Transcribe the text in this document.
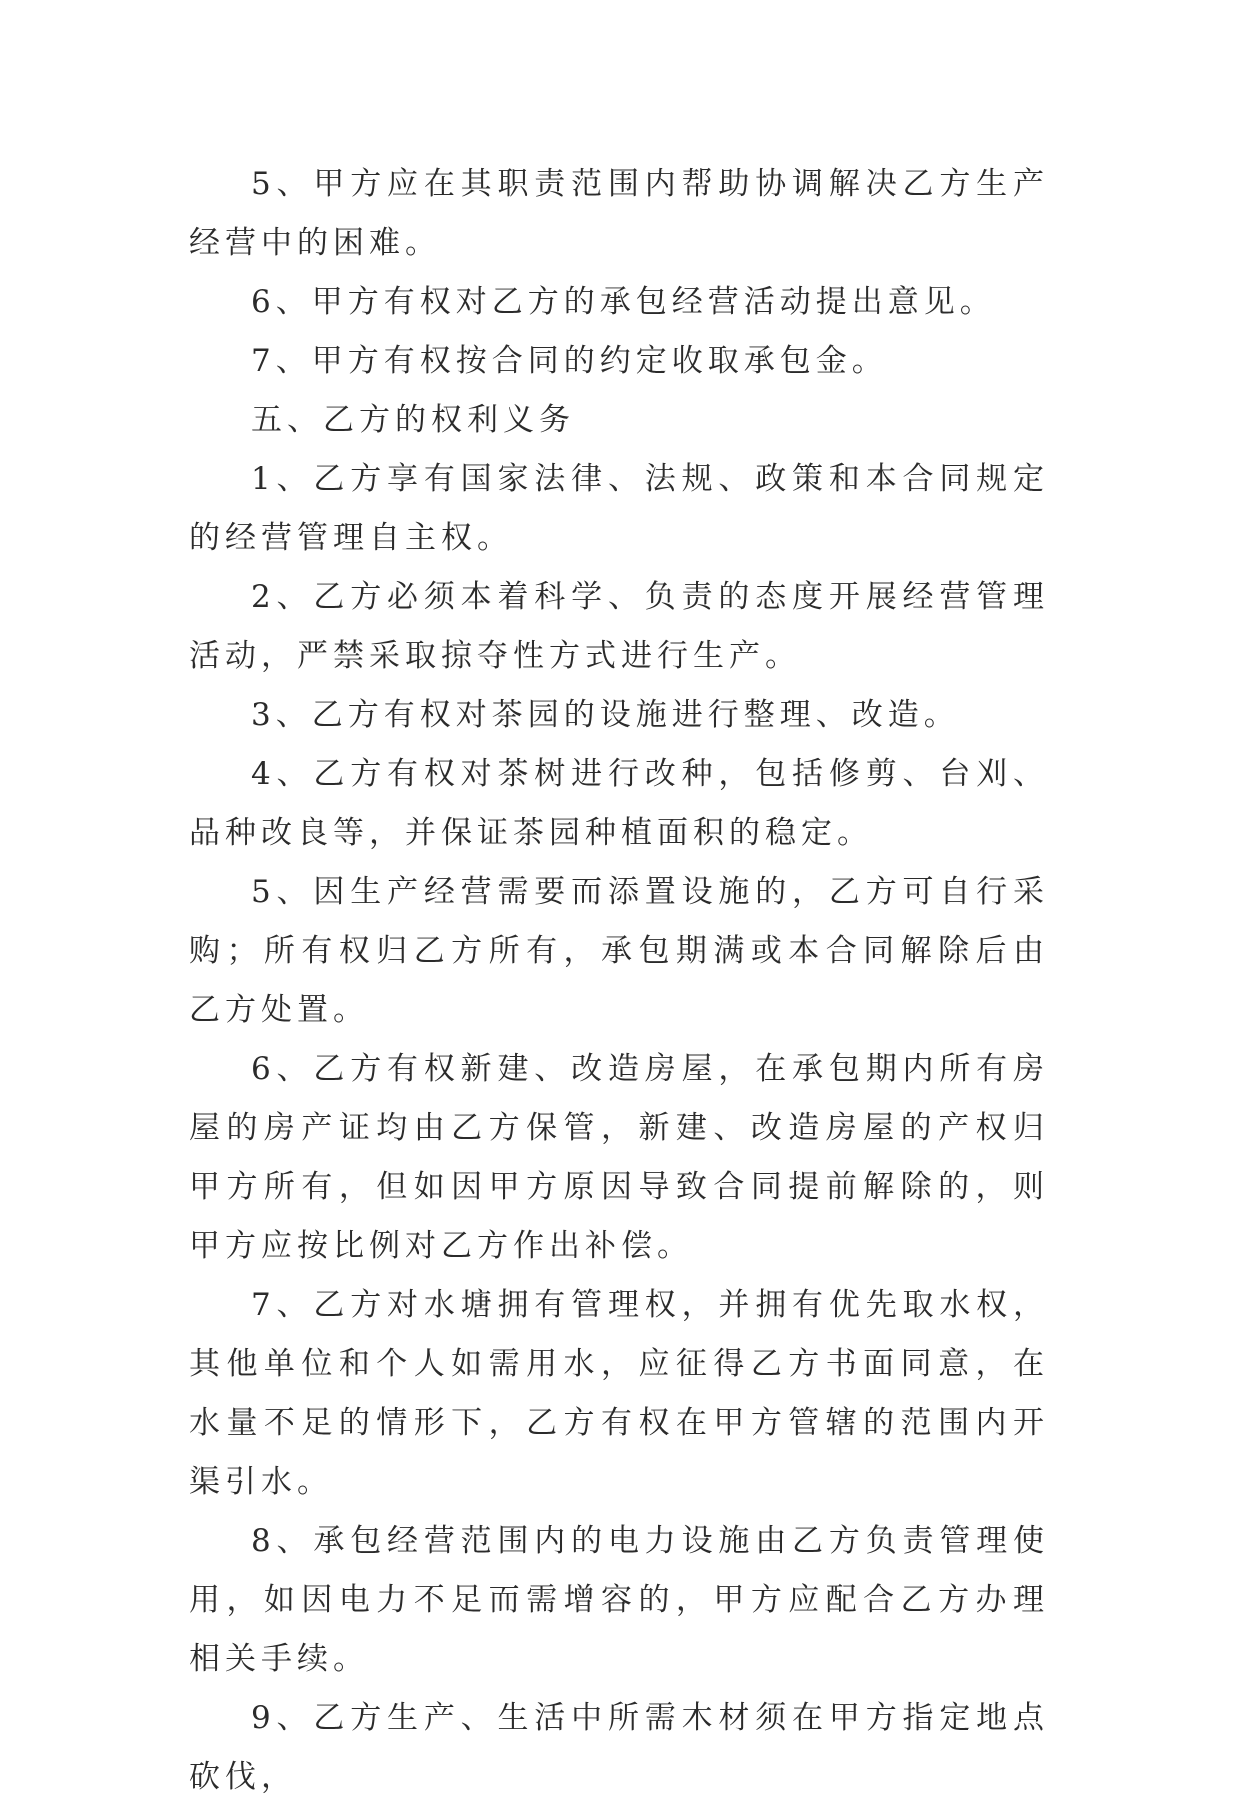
5、甲方应在其职责范围内帮助协调解决乙方生产经营中的困难。

6、甲方有权对乙方的承包经营活动提出意见。

7、甲方有权按合同的约定收取承包金。

五、乙方的权利义务

1、乙方享有国家法律、法规、政策和本合同规定的经营管理自主权。

2、乙方必须本着科学、负责的态度开展经营管理活动，严禁采取掠夺性方式进行生产。

3、乙方有权对茶园的设施进行整理、改造。

4、乙方有权对茶树进行改种，包括修剪、台刈、品种改良等，并保证茶园种植面积的稳定。

5、因生产经营需要而添置设施的，乙方可自行采购；所有权归乙方所有，承包期满或本合同解除后由乙方处置。

6、乙方有权新建、改造房屋，在承包期内所有房屋的房产证均由乙方保管，新建、改造房屋的产权归甲方所有，但如因甲方原因导致合同提前解除的，则甲方应按比例对乙方作出补偿。

7、乙方对水塘拥有管理权，并拥有优先取水权，其他单位和个人如需用水，应征得乙方书面同意，在水量不足的情形下，乙方有权在甲方管辖的范围内开渠引水。

8、承包经营范围内的电力设施由乙方负责管理使用，如因电力不足而需增容的，甲方应配合乙方办理相关手续。

9、乙方生产、生活中所需木材须在甲方指定地点砍伐，
